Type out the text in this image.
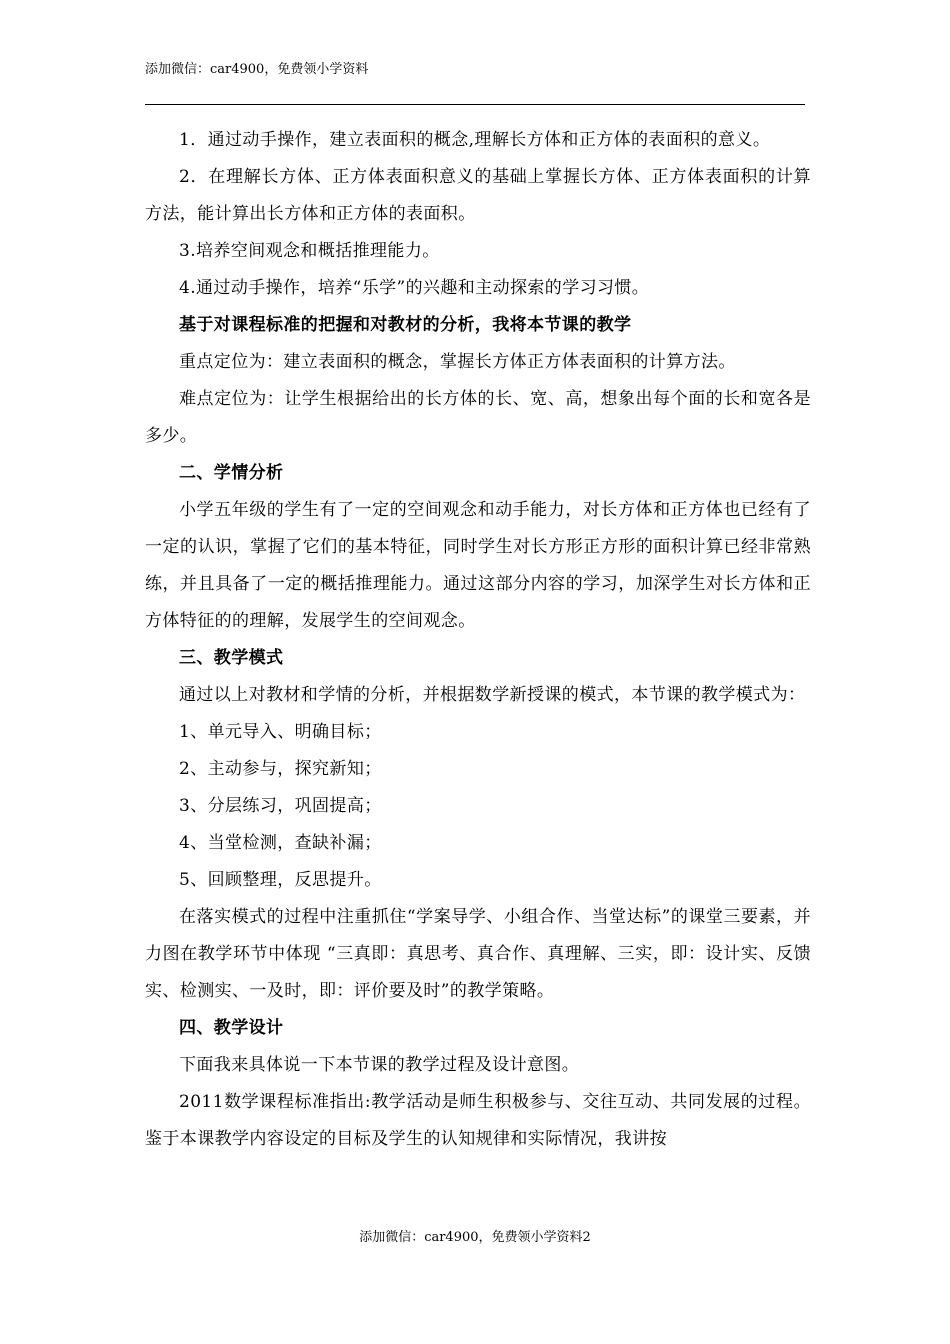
添加微信：car4900，免费领小学资料

1．通过动手操作，建立表面积的概念,理解长方体和正方体的表面积的意义。

2．在理解长方体、正方体表面积意义的基础上掌握长方体、正方体表面积的计算方法，能计算出长方体和正方体的表面积。

3.培养空间观念和概括推理能力。

4.通过动手操作，培养“乐学”的兴趣和主动探索的学习习惯。

基于对课程标准的把握和对教材的分析，我将本节课的教学

重点定位为：建立表面积的概念，掌握长方体正方体表面积的计算方法。

难点定位为：让学生根据给出的长方体的长、宽、高，想象出每个面的长和宽各是多少。

二、学情分析

小学五年级的学生有了一定的空间观念和动手能力，对长方体和正方体也已经有了一定的认识，掌握了它们的基本特征，同时学生对长方形正方形的面积计算已经非常熟练，并且具备了一定的概括推理能力。通过这部分内容的学习，加深学生对长方体和正方体特征的的理解，发展学生的空间观念。

三、教学模式

通过以上对教材和学情的分析，并根据数学新授课的模式，本节课的教学模式为：

1、单元导入、明确目标；

2、主动参与，探究新知；

3、分层练习，巩固提高；

4、当堂检测，查缺补漏；

5、回顾整理，反思提升。

在落实模式的过程中注重抓住“学案导学、小组合作、当堂达标”的课堂三要素，并力图在教学环节中体现 “三真即：真思考、真合作、真理解、三实，即：设计实、反馈实、检测实、一及时，即：评价要及时”的教学策略。

四、教学设计

下面我来具体说一下本节课的教学过程及设计意图。

2011数学课程标准指出:教学活动是师生积极参与、交往互动、共同发展的过程。鉴于本课教学内容设定的目标及学生的认知规律和实际情况，我讲按

添加微信：car4900，免费领小学资料2
